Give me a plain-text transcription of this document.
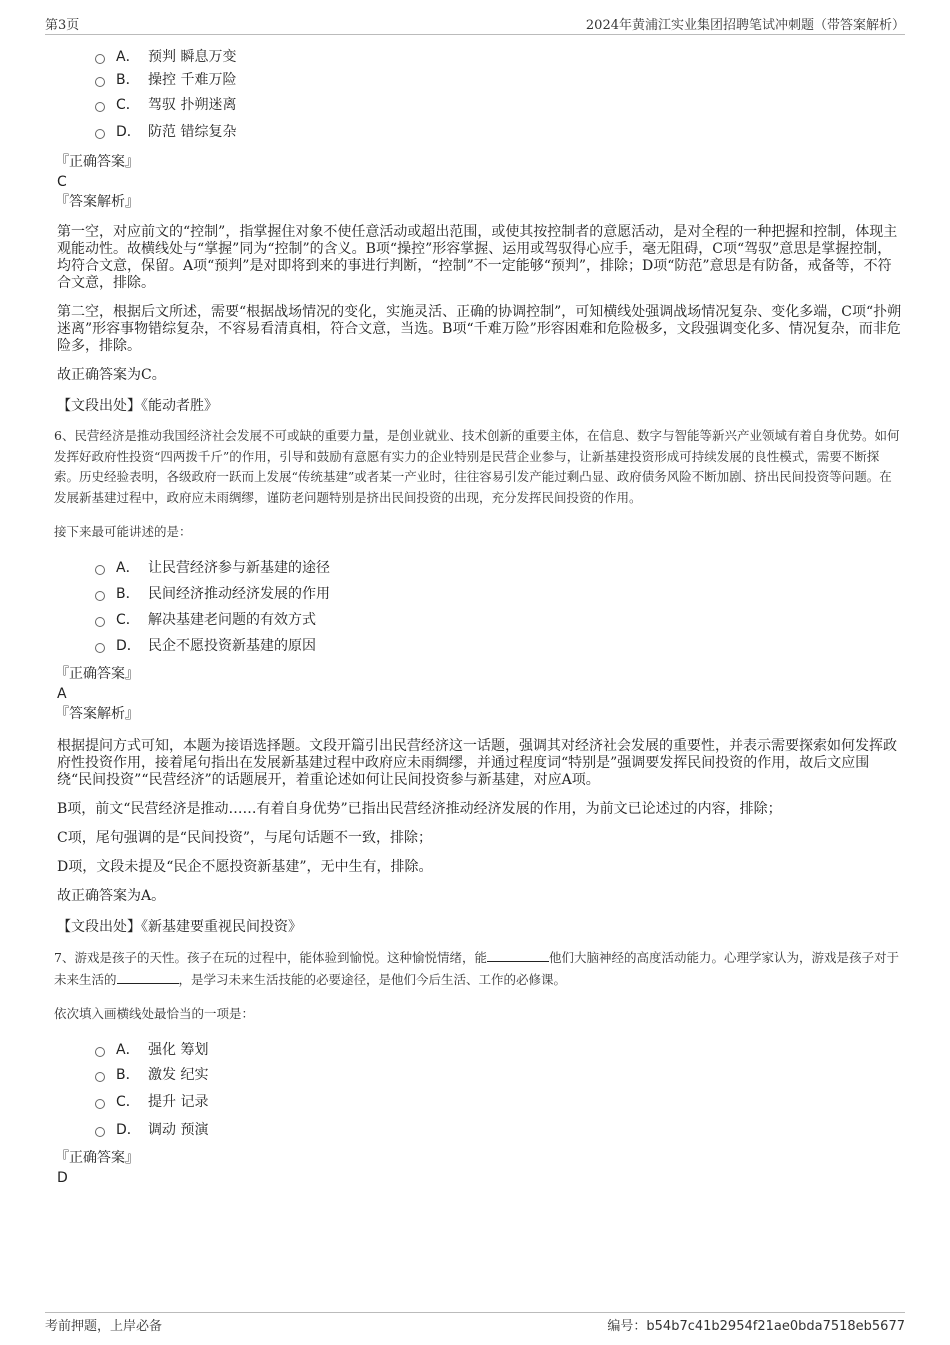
第3页	2024年黄浦江实业集团招聘笔试冲刺题（带答案解析）
A． 预判 瞬息万变
B． 操控 千难万险
C． 驾驭 扑朔迷离
D． 防范 错综复杂
『正确答案』
C
『答案解析』

第一空，对应前文的“控制”，指掌握住对象不使任意活动或超出范围，或使其按控制者的意愿活动，是对全程的一种把握和控制，体现主观能动性。故横线处与“掌握”同为“控制”的含义。B项“操控”形容掌握、运用或驾驭得心应手，毫无阻碍，C项“驾驭”意思是掌握控制，均符合文意，保留。A项“预判”是对即将到来的事进行判断，“控制”不一定能够“预判”，排除；D项“防范”意思是有防备，戒备等，不符合文意，排除。

第二空，根据后文所述，需要“根据战场情况的变化，实施灵活、正确的协调控制”，可知横线处强调战场情况复杂、变化多端，C项“扑朔迷离”形容事物错综复杂，不容易看清真相，符合文意，当选。B项“千难万险”形容困难和危险极多，文段强调变化多、情况复杂，而非危险多，排除。

故正确答案为C。

【文段出处】《能动者胜》
6、民营经济是推动我国经济社会发展不可或缺的重要力量，是创业就业、技术创新的重要主体，在信息、数字与智能等新兴产业领域有着自身优势。如何发挥好政府性投资“四两拨千斤”的作用，引导和鼓励有意愿有实力的企业特别是民营企业参与，让新基建投资形成可持续发展的良性模式，需要不断探索。历史经验表明，各级政府一跃而上发展“传统基建”或者某一产业时，往往容易引发产能过剩凸显、政府债务风险不断加剧、挤出民间投资等问题。在发展新基建过程中，政府应未雨绸缪，谨防老问题特别是挤出民间投资的出现，充分发挥民间投资的作用。
接下来最可能讲述的是：
A． 让民营经济参与新基建的途径
B． 民间经济推动经济发展的作用
C． 解决基建老问题的有效方式
D． 民企不愿投资新基建的原因
『正确答案』
A
『答案解析』

根据提问方式可知，本题为接语选择题。文段开篇引出民营经济这一话题，强调其对经济社会发展的重要性，并表示需要探索如何发挥政府性投资作用，接着尾句指出在发展新基建过程中政府应未雨绸缪，并通过程度词“特别是”强调要发挥民间投资的作用，故后文应围绕“民间投资”“民营经济”的话题展开，着重论述如何让民间投资参与新基建，对应A项。

B项，前文“民营经济是推动……有着自身优势”已指出民营经济推动经济发展的作用，为前文已论述过的内容，排除；

C项，尾句强调的是“民间投资”，与尾句话题不一致，排除；

D项，文段未提及“民企不愿投资新基建”，无中生有，排除。

故正确答案为A。

【文段出处】《新基建要重视民间投资》
7、游戏是孩子的天性。孩子在玩的过程中，能体验到愉悦。这种愉悦情绪，能	他们大脑神经的高度活动能力。心理学家认为，游戏是孩子对于未来生活的	，是学习未来生活技能的必要途径，是他们今后生活、工作的必修课。
依次填入画横线处最恰当的一项是：
A． 强化 筹划
B． 激发 纪实
C． 提升 记录
D． 调动 预演
『正确答案』
D
考前押题，上岸必备	编号：b54b7c41b2954f21ae0bda7518eb5677
